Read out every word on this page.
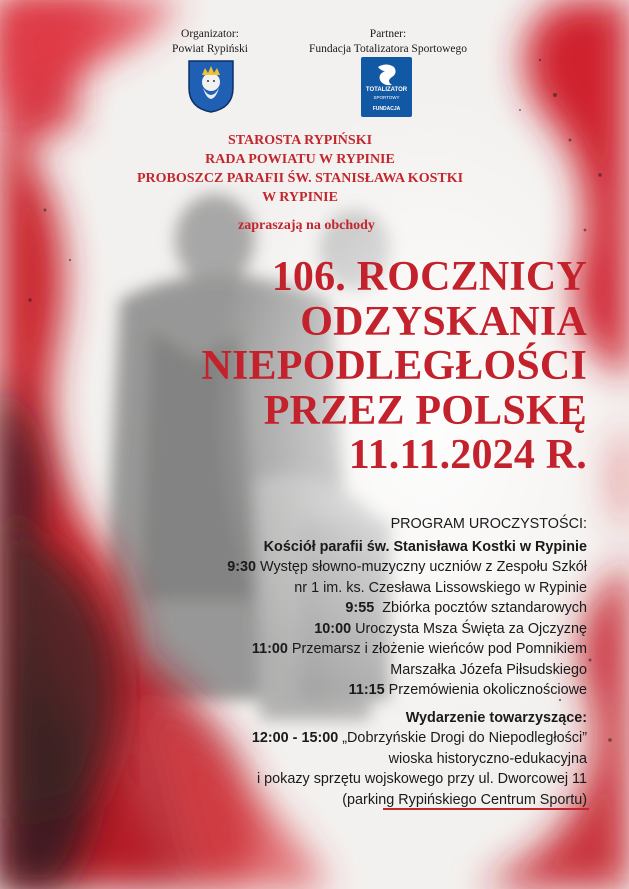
Organizator:
Powiat Rypiński
Partner:
Fundacja Totalizatora Sportowego
TOTALIZATOR
SPORTOWY
FUNDACJA
STAROSTA RYPIŃSKI
RADA POWIATU W RYPINIE
PROBOSZCZ PARAFII ŚW. STANISŁAWA KOSTKI
W RYPINIE
zapraszają na obchody
106. ROCZNICY
ODZYSKANIA
NIEPODLEGŁOŚCI
PRZEZ POLSKĘ
11.11.2024 R.
PROGRAM UROCZYSTOŚCI:
Kościół parafii św. Stanisława Kostki w Rypinie
9:30 Występ słowno-muzyczny uczniów z Zespołu Szkół
nr 1 im. ks. Czesława Lissowskiego w Rypinie
9:55 Zbiórka pocztów sztandarowych
10:00 Uroczysta Msza Święta za Ojczyznę
11:00 Przemarsz i złożenie wieńców pod Pomnikiem
Marszałka Józefa Piłsudskiego
11:15 Przemówienia okolicznościowe
Wydarzenie towarzyszące:
12:00 - 15:00 „Dobrzyńskie Drogi do Niepodległości”
wioska historyczno-edukacyjna
i pokazy sprzętu wojskowego przy ul. Dworcowej 11
(parking Rypińskiego Centrum Sportu)
